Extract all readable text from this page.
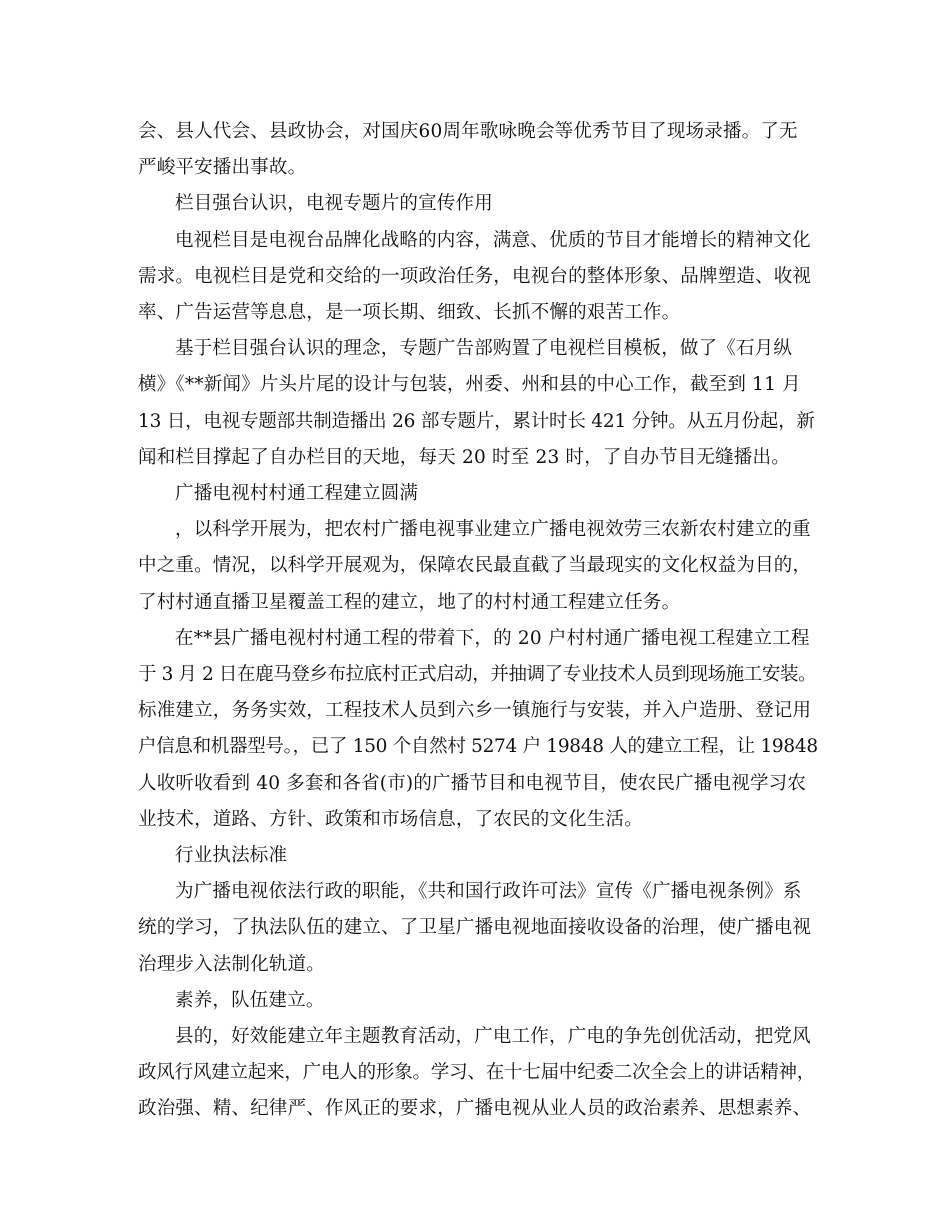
会、县人代会、县政协会，对国庆60周年歌咏晚会等优秀节目了现场录播。了无
严峻平安播出事故。
栏目强台认识，电视专题片的宣传作用
电视栏目是电视台品牌化战略的内容，满意、优质的节目才能增长的精神文化
需求。电视栏目是党和交给的一项政治任务，电视台的整体形象、品牌塑造、收视
率、广告运营等息息，是一项长期、细致、长抓不懈的艰苦工作。
基于栏目强台认识的理念，专题广告部购置了电视栏目模板，做了《石月纵
横》《**新闻》片头片尾的设计与包装，州委、州和县的中心工作，截至到 11 月
13 日，电视专题部共制造播出 26 部专题片，累计时长 421 分钟。从五月份起，新
闻和栏目撑起了自办栏目的天地，每天 20 时至 23 时，了自办节目无缝播出。
广播电视村村通工程建立圆满
，以科学开展为，把农村广播电视事业建立广播电视效劳三农新农村建立的重
中之重。情况，以科学开展观为，保障农民最直截了当最现实的文化权益为目的，
了村村通直播卫星覆盖工程的建立，地了的村村通工程建立任务。
在**县广播电视村村通工程的带着下，的 20 户村村通广播电视工程建立工程
于 3 月 2 日在鹿马登乡布拉底村正式启动，并抽调了专业技术人员到现场施工安装。
标准建立，务务实效，工程技术人员到六乡一镇施行与安装，并入户造册、登记用
户信息和机器型号。，已了 150 个自然村 5274 户 19848 人的建立工程，让 19848
人收听收看到 40 多套和各省(市)的广播节目和电视节目，使农民广播电视学习农
业技术，道路、方针、政策和市场信息，了农民的文化生活。
行业执法标准
为广播电视依法行政的职能，《共和国行政许可法》宣传《广播电视条例》系
统的学习，了执法队伍的建立、了卫星广播电视地面接收设备的治理，使广播电视
治理步入法制化轨道。
素养，队伍建立。
县的，好效能建立年主题教育活动，广电工作，广电的争先创优活动，把党风
政风行风建立起来，广电人的形象。学习、在十七届中纪委二次全会上的讲话精神，
政治强、精、纪律严、作风正的要求，广播电视从业人员的政治素养、思想素养、
